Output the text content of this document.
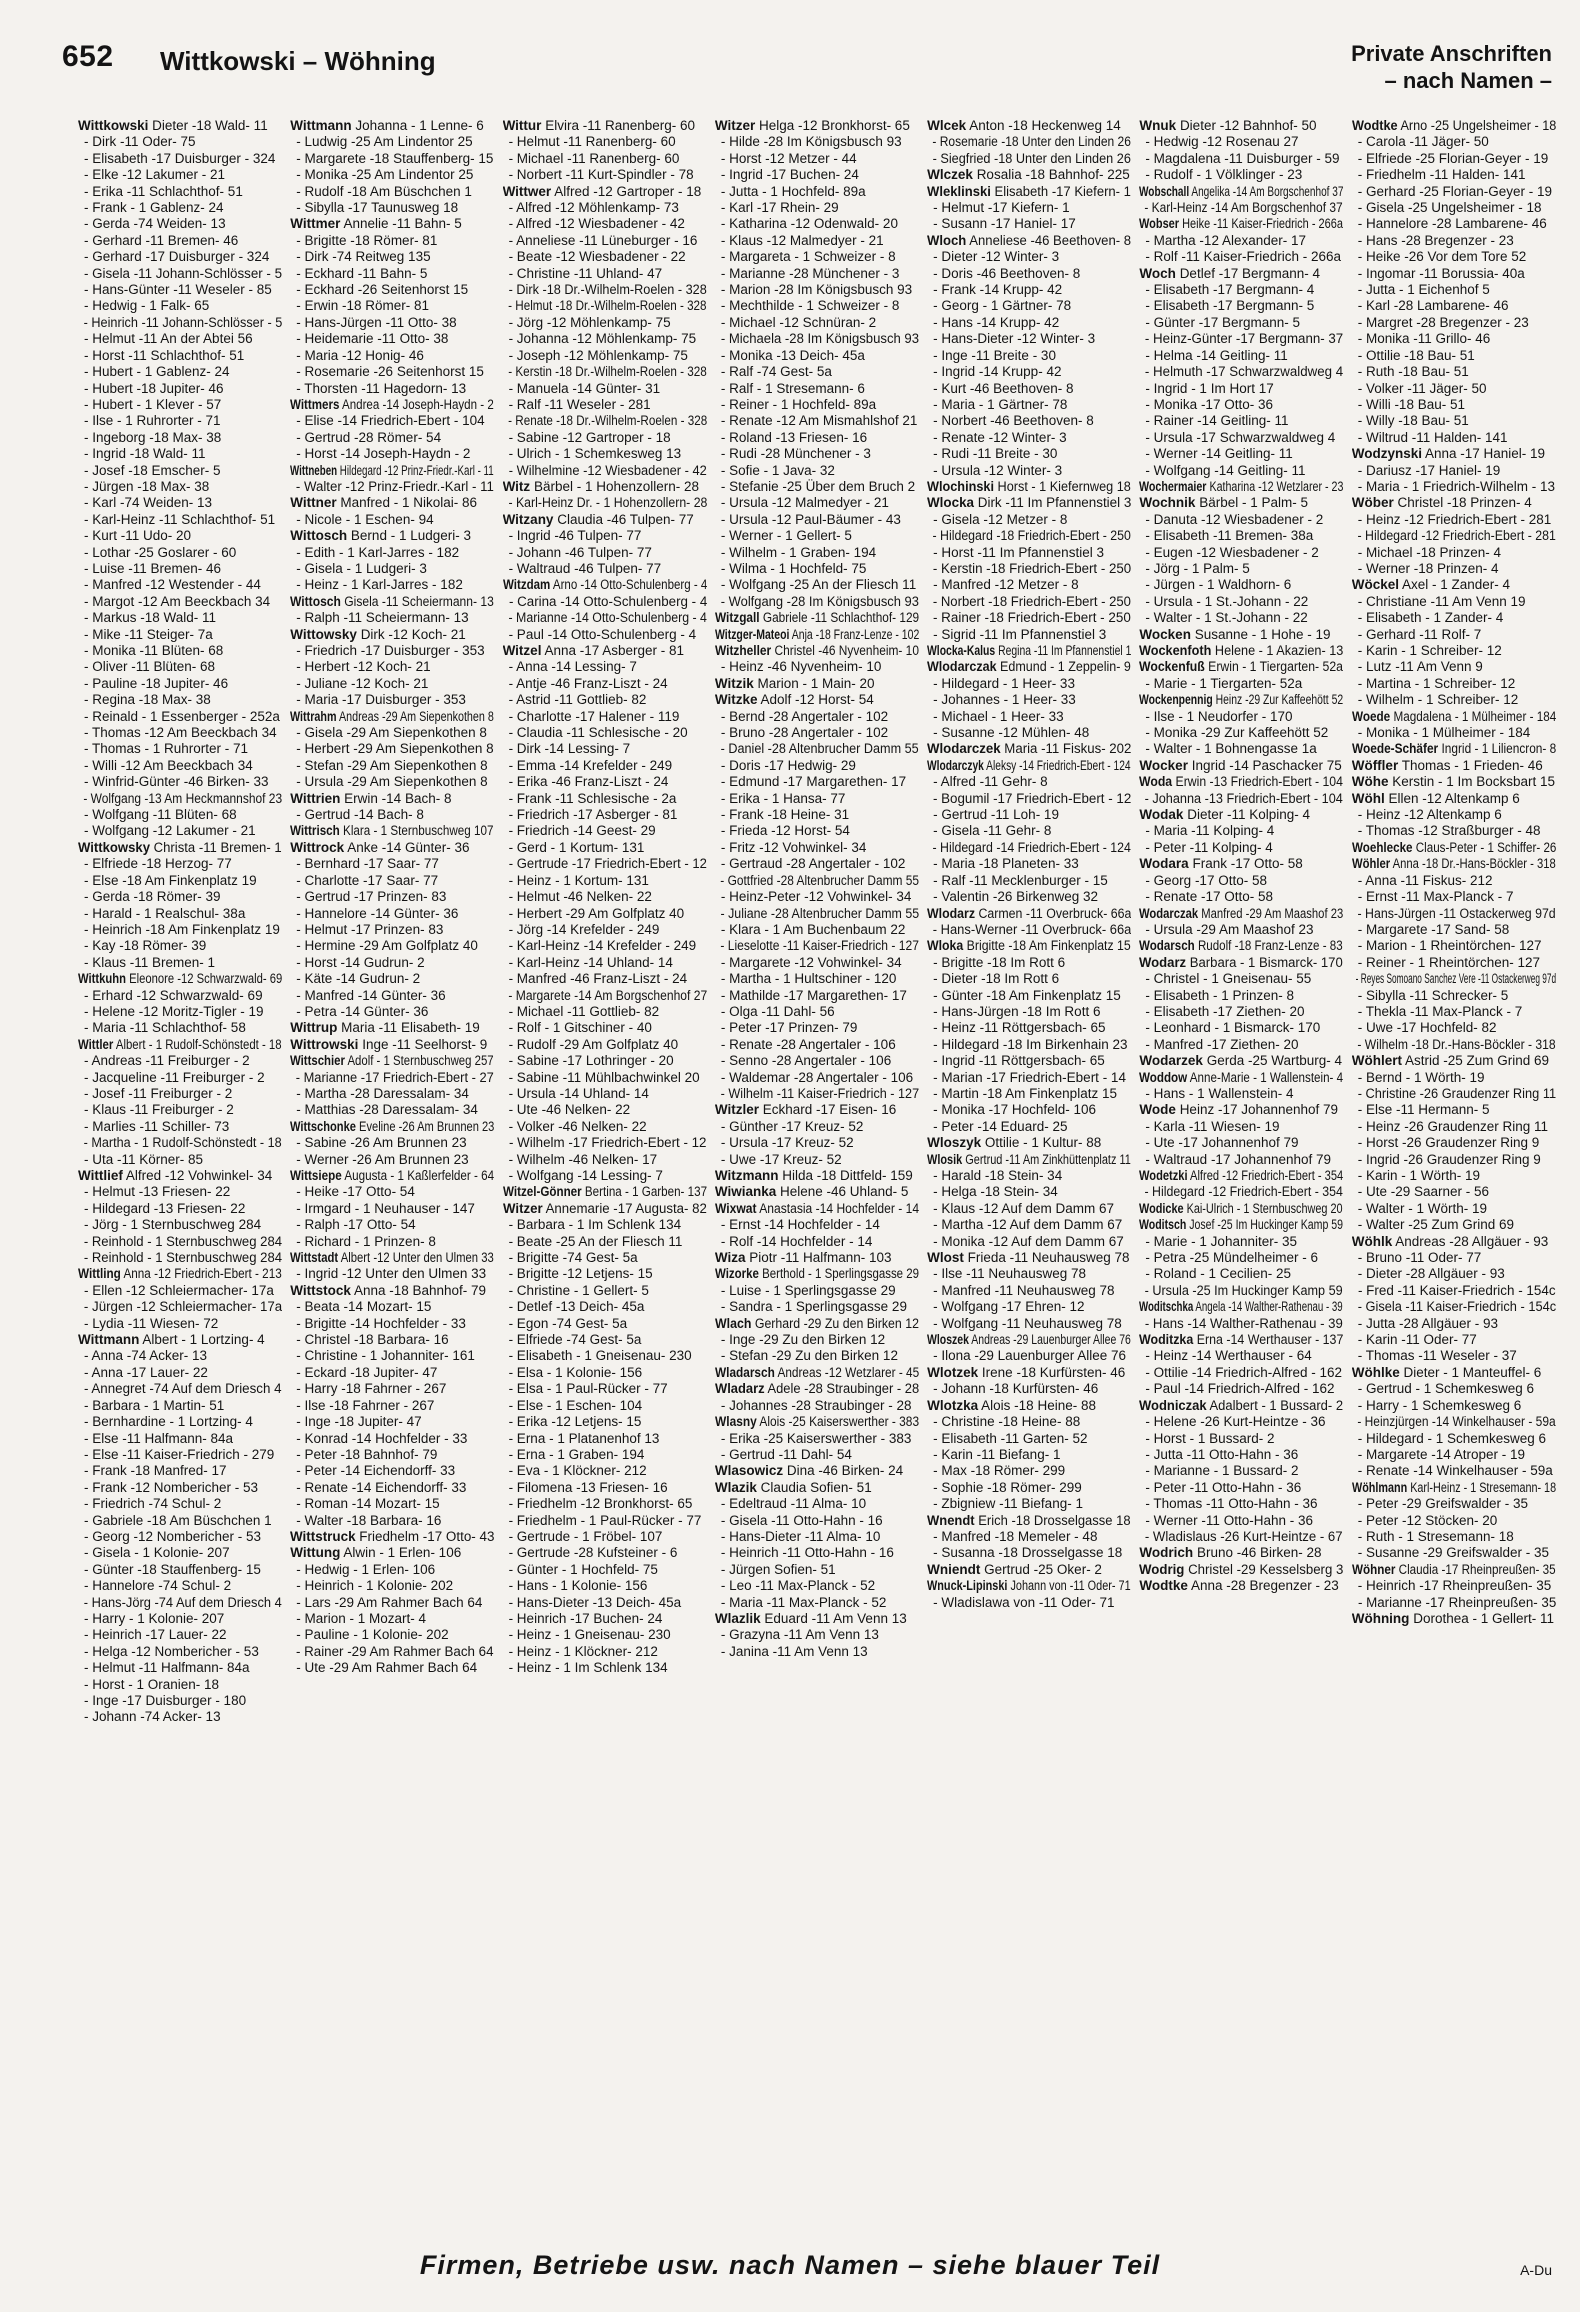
652 Wittkowski – Wöhning	Private Anschriften
– nach Namen –
Wittkowski Dieter -18 Wald- 11
- Dirk -11 Oder- 75
- Elisabeth -17 Duisburger - 324
- Elke -12 Lakumer - 21
- Erika -11 Schlachthof- 51
- Frank - 1 Gablenz- 24
- Gerda -74 Weiden- 13
- Gerhard -11 Bremen- 46
- Gerhard -17 Duisburger - 324
- Gisela -11 Johann-Schlösser - 5
- Hans-Günter -11 Weseler - 85
- Hedwig - 1 Falk- 65
- Heinrich -11 Johann-Schlösser - 5
- Helmut -11 An der Abtei 56
- Horst -11 Schlachthof- 51
- Hubert - 1 Gablenz- 24
- Hubert -18 Jupiter- 46
- Hubert - 1 Klever - 57
- Ilse - 1 Ruhrorter - 71
- Ingeborg -18 Max- 38
- Ingrid -18 Wald- 11
- Josef -18 Emscher- 5
- Jürgen -18 Max- 38
- Karl -74 Weiden- 13
- Karl-Heinz -11 Schlachthof- 51
- Kurt -11 Udo- 20
- Lothar -25 Goslarer - 60
- Luise -11 Bremen- 46
- Manfred -12 Westender - 44
- Margot -12 Am Beeckbach 34
- Markus -18 Wald- 11
- Mike -11 Steiger- 7a
- Monika -11 Blüten- 68
- Oliver -11 Blüten- 68
- Pauline -18 Jupiter- 46
- Regina -18 Max- 38
- Reinald - 1 Essenberger - 252a
- Thomas -12 Am Beeckbach 34
- Thomas - 1 Ruhrorter - 71
- Willi -12 Am Beeckbach 34
- Winfrid-Günter -46 Birken- 33
- Wolfgang -13 Am Heckmannshof 23
- Wolfgang -11 Blüten- 68
- Wolfgang -12 Lakumer - 21
Wittkowsky Christa -11 Bremen- 1
- Elfriede -18 Herzog- 77
- Else -18 Am Finkenplatz 19
- Gerda -18 Römer- 39
- Harald - 1 Realschul- 38a
- Heinrich -18 Am Finkenplatz 19
- Kay -18 Römer- 39
- Klaus -11 Bremen- 1
Wittkuhn Eleonore -12 Schwarzwald- 69
- Erhard -12 Schwarzwald- 69
- Helene -12 Moritz-Tigler - 19
- Maria -11 Schlachthof- 58
Wittler Albert - 1 Rudolf-Schönstedt - 18
- Andreas -11 Freiburger - 2
- Jacqueline -11 Freiburger - 2
- Josef -11 Freiburger - 2
- Klaus -11 Freiburger - 2
- Marlies -11 Schiller- 73
- Martha - 1 Rudolf-Schönstedt - 18
- Uta -11 Körner- 85
Wittlief Alfred -12 Vohwinkel- 34
- Helmut -13 Friesen- 22
- Hildegard -13 Friesen- 22
- Jörg - 1 Sternbuschweg 284
- Reinhold - 1 Sternbuschweg 284
- Reinhold - 1 Sternbuschweg 284
Wittling Anna -12 Friedrich-Ebert - 213
- Ellen -12 Schleiermacher- 17a
- Jürgen -12 Schleiermacher- 17a
- Lydia -11 Wiesen- 72
Wittmann Albert - 1 Lortzing- 4
- Anna -74 Acker- 13
- Anna -17 Lauer- 22
- Annegret -74 Auf dem Driesch 4
- Barbara - 1 Martin- 51
- Bernhardine - 1 Lortzing- 4
- Else -11 Halfmann- 84a
- Else -11 Kaiser-Friedrich - 279
- Frank -18 Manfred- 17
- Frank -12 Nombericher - 53
- Friedrich -74 Schul- 2
- Gabriele -18 Am Büschchen 1
- Georg -12 Nombericher - 53
- Gisela - 1 Kolonie- 207
- Günter -18 Stauffenberg- 15
- Hannelore -74 Schul- 2
- Hans-Jörg -74 Auf dem Driesch 4
- Harry - 1 Kolonie- 207
- Heinrich -17 Lauer- 22
- Helga -12 Nombericher - 53
- Helmut -11 Halfmann- 84a
- Horst - 1 Oranien- 18
- Inge -17 Duisburger - 180
- Johann -74 Acker- 13
Wittmann Johanna - 1 Lenne- 6
- Ludwig -25 Am Lindentor 25
- Margarete -18 Stauffenberg- 15
- Monika -25 Am Lindentor 25
- Rudolf -18 Am Büschchen 1
- Sibylla -17 Taunusweg 18
Wittmer Annelie -11 Bahn- 5
- Brigitte -18 Römer- 81
- Dirk -74 Reitweg 135
- Eckhard -11 Bahn- 5
- Eckhard -26 Seitenhorst 15
- Erwin -18 Römer- 81
- Hans-Jürgen -11 Otto- 38
- Heidemarie -11 Otto- 38
- Maria -12 Honig- 46
- Rosemarie -26 Seitenhorst 15
- Thorsten -11 Hagedorn- 13
Wittmers Andrea -14 Joseph-Haydn - 2
- Elise -14 Friedrich-Ebert - 104
- Gertrud -28 Römer- 54
- Horst -14 Joseph-Haydn - 2
Wittneben Hildegard -12 Prinz-Friedr.-Karl - 11
- Walter -12 Prinz-Friedr.-Karl - 11
Wittner Manfred - 1 Nikolai- 86
- Nicole - 1 Eschen- 94
Wittosch Bernd - 1 Ludgeri- 3
- Edith - 1 Karl-Jarres - 182
- Gisela - 1 Ludgeri- 3
- Heinz - 1 Karl-Jarres - 182
Wittosch Gisela -11 Scheiermann- 13
- Ralph -11 Scheiermann- 13
Wittowsky Dirk -12 Koch- 21
- Friedrich -17 Duisburger - 353
- Herbert -12 Koch- 21
- Juliane -12 Koch- 21
- Maria -17 Duisburger - 353
Wittrahm Andreas -29 Am Siepenkothen 8
- Gisela -29 Am Siepenkothen 8
- Herbert -29 Am Siepenkothen 8
- Stefan -29 Am Siepenkothen 8
- Ursula -29 Am Siepenkothen 8
Wittrien Erwin -14 Bach- 8
- Gertrud -14 Bach- 8
Wittrisch Klara - 1 Sternbuschweg 107
Wittrock Anke -14 Günter- 36
- Bernhard -17 Saar- 77
- Charlotte -17 Saar- 77
- Gertrud -17 Prinzen- 83
- Hannelore -14 Günter- 36
- Helmut -17 Prinzen- 83
- Hermine -29 Am Golfplatz 40
- Horst -14 Gudrun- 2
- Käte -14 Gudrun- 2
- Manfred -14 Günter- 36
- Petra -14 Günter- 36
Wittrup Maria -11 Elisabeth- 19
Wittrowski Inge -11 Seelhorst- 9
Wittschier Adolf - 1 Sternbuschweg 257
- Marianne -17 Friedrich-Ebert - 27
- Martha -28 Daressalam- 34
- Matthias -28 Daressalam- 34
Wittschonke Eveline -26 Am Brunnen 23
- Sabine -26 Am Brunnen 23
- Werner -26 Am Brunnen 23
Wittsiepe Augusta - 1 Kaßlerfelder - 64
- Heike -17 Otto- 54
- Irmgard - 1 Neuhauser - 147
- Ralph -17 Otto- 54
- Richard - 1 Prinzen- 8
Wittstadt Albert -12 Unter den Ulmen 33
- Ingrid -12 Unter den Ulmen 33
Wittstock Anna -18 Bahnhof- 79
- Beata -14 Mozart- 15
- Brigitte -14 Hochfelder - 33
- Christel -18 Barbara- 16
- Christine - 1 Johanniter- 161
- Eckard -18 Jupiter- 47
- Harry -18 Fahrner - 267
- Ilse -18 Fahrner - 267
- Inge -18 Jupiter- 47
- Konrad -14 Hochfelder - 33
- Peter -18 Bahnhof- 79
- Peter -14 Eichendorff- 33
- Renate -14 Eichendorff- 33
- Roman -14 Mozart- 15
- Walter -18 Barbara- 16
Wittstruck Friedhelm -17 Otto- 43
Wittung Alwin - 1 Erlen- 106
- Hedwig - 1 Erlen- 106
- Heinrich - 1 Kolonie- 202
- Lars -29 Am Rahmer Bach 64
- Marion - 1 Mozart- 4
- Pauline - 1 Kolonie- 202
- Rainer -29 Am Rahmer Bach 64
- Ute -29 Am Rahmer Bach 64
Wittur Elvira -11 Ranenberg- 60
- Helmut -11 Ranenberg- 60
- Michael -11 Ranenberg- 60
- Norbert -11 Kurt-Spindler - 78
Wittwer Alfred -12 Gartroper - 18
- Alfred -12 Möhlenkamp- 73
- Alfred -12 Wiesbadener - 42
- Anneliese -11 Lüneburger - 16
- Beate -12 Wiesbadener - 22
- Christine -11 Uhland- 47
- Dirk -18 Dr.-Wilhelm-Roelen - 328
- Helmut -18 Dr.-Wilhelm-Roelen - 328
- Jörg -12 Möhlenkamp- 75
- Johanna -12 Möhlenkamp- 75
- Joseph -12 Möhlenkamp- 75
- Kerstin -18 Dr.-Wilhelm-Roelen - 328
- Manuela -14 Günter- 31
- Ralf -11 Weseler - 281
- Renate -18 Dr.-Wilhelm-Roelen - 328
- Sabine -12 Gartroper - 18
- Ulrich - 1 Schemkesweg 13
- Wilhelmine -12 Wiesbadener - 42
Witz Bärbel - 1 Hohenzollern- 28
- Karl-Heinz Dr. - 1 Hohenzollern- 28
Witzany Claudia -46 Tulpen- 77
- Ingrid -46 Tulpen- 77
- Johann -46 Tulpen- 77
- Waltraud -46 Tulpen- 77
Witzdam Arno -14 Otto-Schulenberg - 4
- Carina -14 Otto-Schulenberg - 4
- Marianne -14 Otto-Schulenberg - 4
- Paul -14 Otto-Schulenberg - 4
Witzel Anna -17 Asberger - 81
- Anna -14 Lessing- 7
- Antje -46 Franz-Liszt - 24
- Astrid -11 Gottlieb- 82
- Charlotte -17 Halener - 119
- Claudia -11 Schlesische - 20
- Dirk -14 Lessing- 7
- Emma -14 Krefelder - 249
- Erika -46 Franz-Liszt - 24
- Frank -11 Schlesische - 2a
- Friedrich -17 Asberger - 81
- Friedrich -14 Geest- 29
- Gerd - 1 Kortum- 131
- Gertrude -17 Friedrich-Ebert - 12
- Heinz - 1 Kortum- 131
- Helmut -46 Nelken- 22
- Herbert -29 Am Golfplatz 40
- Jörg -14 Krefelder - 249
- Karl-Heinz -14 Krefelder - 249
- Karl-Heinz -14 Uhland- 14
- Manfred -46 Franz-Liszt - 24
- Margarete -14 Am Borgschenhof 27
- Michael -11 Gottlieb- 82
- Rolf - 1 Gitschiner - 40
- Rudolf -29 Am Golfplatz 40
- Sabine -17 Lothringer - 20
- Sabine -11 Mühlbachwinkel 20
- Ursula -14 Uhland- 14
- Ute -46 Nelken- 22
- Volker -46 Nelken- 22
- Wilhelm -17 Friedrich-Ebert - 12
- Wilhelm -46 Nelken- 17
- Wolfgang -14 Lessing- 7
Witzel-Gönner Bertina - 1 Garben- 137
Witzer Annemarie -17 Augusta- 82
- Barbara - 1 Im Schlenk 134
- Beate -25 An der Fliesch 11
- Brigitte -74 Gest- 5a
- Brigitte -12 Letjens- 15
- Christine - 1 Gellert- 5
- Detlef -13 Deich- 45a
- Egon -74 Gest- 5a
- Elfriede -74 Gest- 5a
- Elisabeth - 1 Gneisenau- 230
- Elsa - 1 Kolonie- 156
- Elsa - 1 Paul-Rücker - 77
- Else - 1 Eschen- 104
- Erika -12 Letjens- 15
- Erna - 1 Platanenhof 13
- Erna - 1 Graben- 194
- Eva - 1 Klöckner- 212
- Filomena -13 Friesen- 16
- Friedhelm -12 Bronkhorst- 65
- Friedhelm - 1 Paul-Rücker - 77
- Gertrude - 1 Fröbel- 107
- Gertrude -28 Kufsteiner - 6
- Günter - 1 Hochfeld- 75
- Hans - 1 Kolonie- 156
- Hans-Dieter -13 Deich- 45a
- Heinrich -17 Buchen- 24
- Heinz - 1 Gneisenau- 230
- Heinz - 1 Klöckner- 212
- Heinz - 1 Im Schlenk 134
Witzer Helga -12 Bronkhorst- 65
- Hilde -28 Im Königsbusch 93
- Horst -12 Metzer - 44
- Ingrid -17 Buchen- 24
- Jutta - 1 Hochfeld- 89a
- Karl -17 Rhein- 29
- Katharina -12 Odenwald- 20
- Klaus -12 Malmedyer - 21
- Margareta - 1 Schweizer - 8
- Marianne -28 Münchener - 3
- Marion -28 Im Königsbusch 93
- Mechthilde - 1 Schweizer - 8
- Michael -12 Schnüran- 2
- Michaela -28 Im Königsbusch 93
- Monika -13 Deich- 45a
- Ralf -74 Gest- 5a
- Ralf - 1 Stresemann- 6
- Reiner - 1 Hochfeld- 89a
- Renate -12 Am Mismahlshof 21
- Roland -13 Friesen- 16
- Rudi -28 Münchener - 3
- Sofie - 1 Java- 32
- Stefanie -25 Über dem Bruch 2
- Ursula -12 Malmedyer - 21
- Ursula -12 Paul-Bäumer - 43
- Werner - 1 Gellert- 5
- Wilhelm - 1 Graben- 194
- Wilma - 1 Hochfeld- 75
- Wolfgang -25 An der Fliesch 11
- Wolfgang -28 Im Königsbusch 93
Witzgall Gabriele -11 Schlachthof- 129
Witzger-Mateoi Anja -18 Franz-Lenze - 102
Witzheller Christel -46 Nyvenheim- 10
- Heinz -46 Nyvenheim- 10
Witzik Marion - 1 Main- 20
Witzke Adolf -12 Horst- 54
- Bernd -28 Angertaler - 102
- Bruno -28 Angertaler - 102
- Daniel -28 Altenbrucher Damm 55
- Doris -17 Hedwig- 29
- Edmund -17 Margarethen- 17
- Erika - 1 Hansa- 77
- Frank -18 Heine- 31
- Frieda -12 Horst- 54
- Fritz -12 Vohwinkel- 34
- Gertraud -28 Angertaler - 102
- Gottfried -28 Altenbrucher Damm 55
- Heinz-Peter -12 Vohwinkel- 34
- Juliane -28 Altenbrucher Damm 55
- Klara - 1 Am Buchenbaum 22
- Lieselotte -11 Kaiser-Friedrich - 127
- Margarete -12 Vohwinkel- 34
- Martha - 1 Hultschiner - 120
- Mathilde -17 Margarethen- 17
- Olga -11 Dahl- 56
- Peter -17 Prinzen- 79
- Renate -28 Angertaler - 106
- Senno -28 Angertaler - 106
- Waldemar -28 Angertaler - 106
- Wilhelm -11 Kaiser-Friedrich - 127
Witzler Eckhard -17 Eisen- 16
- Günther -17 Kreuz- 52
- Ursula -17 Kreuz- 52
- Uwe -17 Kreuz- 52
Witzmann Hilda -18 Dittfeld- 159
Wiwianka Helene -46 Uhland- 5
Wixwat Anastasia -14 Hochfelder - 14
- Ernst -14 Hochfelder - 14
- Rolf -14 Hochfelder - 14
Wiza Piotr -11 Halfmann- 103
Wizorke Berthold - 1 Sperlingsgasse 29
- Luise - 1 Sperlingsgasse 29
- Sandra - 1 Sperlingsgasse 29
Wlach Gerhard -29 Zu den Birken 12
- Inge -29 Zu den Birken 12
- Stefan -29 Zu den Birken 12
Wladarsch Andreas -12 Wetzlarer - 45
Wladarz Adele -28 Straubinger - 28
- Johannes -28 Straubinger - 28
Wlasny Alois -25 Kaiserswerther - 383
- Erika -25 Kaiserswerther - 383
- Gertrud -11 Dahl- 54
Wlasowicz Dina -46 Birken- 24
Wlazik Claudia Sofien- 51
- Edeltraud -11 Alma- 10
- Gisela -11 Otto-Hahn - 16
- Hans-Dieter -11 Alma- 10
- Heinrich -11 Otto-Hahn - 16
- Jürgen Sofien- 51
- Leo -11 Max-Planck - 52
- Maria -11 Max-Planck - 52
Wlazlik Eduard -11 Am Venn 13
- Grazyna -11 Am Venn 13
- Janina -11 Am Venn 13
Wlcek Anton -18 Heckenweg 14
- Rosemarie -18 Unter den Linden 26
- Siegfried -18 Unter den Linden 26
Wlczek Rosalia -18 Bahnhof- 225
Wleklinski Elisabeth -17 Kiefern- 1
- Helmut -17 Kiefern- 1
- Susann -17 Haniel- 17
Wloch Anneliese -46 Beethoven- 8
- Dieter -12 Winter- 3
- Doris -46 Beethoven- 8
- Frank -14 Krupp- 42
- Georg - 1 Gärtner- 78
- Hans -14 Krupp- 42
- Hans-Dieter -12 Winter- 3
- Inge -11 Breite - 30
- Ingrid -14 Krupp- 42
- Kurt -46 Beethoven- 8
- Maria - 1 Gärtner- 78
- Norbert -46 Beethoven- 8
- Renate -12 Winter- 3
- Rudi -11 Breite - 30
- Ursula -12 Winter- 3
Wlochinski Horst - 1 Kiefernweg 18
Wlocka Dirk -11 Im Pfannenstiel 3
- Gisela -12 Metzer - 8
- Hildegard -18 Friedrich-Ebert - 250
- Horst -11 Im Pfannenstiel 3
- Kerstin -18 Friedrich-Ebert - 250
- Manfred -12 Metzer - 8
- Norbert -18 Friedrich-Ebert - 250
- Rainer -18 Friedrich-Ebert - 250
- Sigrid -11 Im Pfannenstiel 3
Wlocka-Kalus Regina -11 Im Pfannenstiel 1
Wlodarczak Edmund - 1 Zeppelin- 9
- Hildegard - 1 Heer- 33
- Johannes - 1 Heer- 33
- Michael - 1 Heer- 33
- Susanne -12 Mühlen- 48
Wlodarczek Maria -11 Fiskus- 202
Wlodarczyk Aleksy -14 Friedrich-Ebert - 124
- Alfred -11 Gehr- 8
- Bogumil -17 Friedrich-Ebert - 12
- Gertrud -11 Loh- 19
- Gisela -11 Gehr- 8
- Hildegard -14 Friedrich-Ebert - 124
- Maria -18 Planeten- 33
- Ralf -11 Mecklenburger - 15
- Valentin -26 Birkenweg 32
Wlodarz Carmen -11 Overbruck- 66a
- Hans-Werner -11 Overbruck- 66a
Wloka Brigitte -18 Am Finkenplatz 15
- Brigitte -18 Im Rott 6
- Dieter -18 Im Rott 6
- Günter -18 Am Finkenplatz 15
- Hans-Jürgen -18 Im Rott 6
- Heinz -11 Röttgersbach- 65
- Hildegard -18 Im Birkenhain 23
- Ingrid -11 Röttgersbach- 65
- Marian -17 Friedrich-Ebert - 14
- Martin -18 Am Finkenplatz 15
- Monika -17 Hochfeld- 106
- Peter -14 Eduard- 25
Wloszyk Ottilie - 1 Kultur- 88
Wlosik Gertrud -11 Am Zinkhüttenplatz 11
- Harald -18 Stein- 34
- Helga -18 Stein- 34
- Klaus -12 Auf dem Damm 67
- Martha -12 Auf dem Damm 67
- Monika -12 Auf dem Damm 67
Wlost Frieda -11 Neuhausweg 78
- Ilse -11 Neuhausweg 78
- Manfred -11 Neuhausweg 78
- Wolfgang -17 Ehren- 12
- Wolfgang -11 Neuhausweg 78
Wloszek Andreas -29 Lauenburger Allee 76
- Ilona -29 Lauenburger Allee 76
Wlotzek Irene -18 Kurfürsten- 46
- Johann -18 Kurfürsten- 46
Wlotzka Alois -18 Heine- 88
- Christine -18 Heine- 88
- Elisabeth -11 Garten- 52
- Karin -11 Biefang- 1
- Max -18 Römer- 299
- Sophie -18 Römer- 299
- Zbigniew -11 Biefang- 1
Wnendt Erich -18 Drosselgasse 18
- Manfred -18 Memeler - 48
- Susanna -18 Drosselgasse 18
Wniendt Gertrud -25 Oker- 2
Wnuck-Lipinski Johann von -11 Oder- 71
- Wladislawa von -11 Oder- 71
Wnuk Dieter -12 Bahnhof- 50
- Hedwig -12 Rosenau 27
- Magdalena -11 Duisburger - 59
- Rudolf - 1 Völklinger - 23
Wobschall Angelika -14 Am Borgschenhof 37
- Karl-Heinz -14 Am Borgschenhof 37
Wobser Heike -11 Kaiser-Friedrich - 266a
- Martha -12 Alexander- 17
- Rolf -11 Kaiser-Friedrich - 266a
Woch Detlef -17 Bergmann- 4
- Elisabeth -17 Bergmann- 4
- Elisabeth -17 Bergmann- 5
- Günter -17 Bergmann- 5
- Heinz-Günter -17 Bergmann- 37
- Helma -14 Geitling- 11
- Helmuth -17 Schwarzwaldweg 4
- Ingrid - 1 Im Hort 17
- Monika -17 Otto- 36
- Rainer -14 Geitling- 11
- Ursula -17 Schwarzwaldweg 4
- Werner -14 Geitling- 11
- Wolfgang -14 Geitling- 11
Wochermaier Katharina -12 Wetzlarer - 23
Wochnik Bärbel - 1 Palm- 5
- Danuta -12 Wiesbadener - 2
- Elisabeth -11 Bremen- 38a
- Eugen -12 Wiesbadener - 2
- Jörg - 1 Palm- 5
- Jürgen - 1 Waldhorn- 6
- Ursula - 1 St.-Johann - 22
- Walter - 1 St.-Johann - 22
Wocken Susanne - 1 Hohe - 19
Wockenfoth Helene - 1 Akazien- 13
Wockenfuß Erwin - 1 Tiergarten- 52a
- Marie - 1 Tiergarten- 52a
Wockenpennig Heinz -29 Zur Kaffeehött 52
- Ilse - 1 Neudorfer - 170
- Monika -29 Zur Kaffeehött 52
- Walter - 1 Bohnengasse 1a
Wocker Ingrid -14 Paschacker 75
Woda Erwin -13 Friedrich-Ebert - 104
- Johanna -13 Friedrich-Ebert - 104
Wodak Dieter -11 Kolping- 4
- Maria -11 Kolping- 4
- Peter -11 Kolping- 4
Wodara Frank -17 Otto- 58
- Georg -17 Otto- 58
- Renate -17 Otto- 58
Wodarczak Manfred -29 Am Maashof 23
- Ursula -29 Am Maashof 23
Wodarsch Rudolf -18 Franz-Lenze - 83
Wodarz Barbara - 1 Bismarck- 170
- Christel - 1 Gneisenau- 55
- Elisabeth - 1 Prinzen- 8
- Elisabeth -17 Ziethen- 20
- Leonhard - 1 Bismarck- 170
- Manfred -17 Ziethen- 20
Wodarzek Gerda -25 Wartburg- 4
Woddow Anne-Marie - 1 Wallenstein- 4
- Hans - 1 Wallenstein- 4
Wode Heinz -17 Johannenhof 79
- Karla -11 Wiesen- 19
- Ute -17 Johannenhof 79
- Waltraud -17 Johannenhof 79
Wodetzki Alfred -12 Friedrich-Ebert - 354
- Hildegard -12 Friedrich-Ebert - 354
Wodicke Kai-Ulrich - 1 Sternbuschweg 20
Woditsch Josef -25 Im Huckinger Kamp 59
- Marie - 1 Johanniter- 35
- Petra -25 Mündelheimer - 6
- Roland - 1 Cecilien- 25
- Ursula -25 Im Huckinger Kamp 59
Woditschka Angela -14 Walther-Rathenau - 39
- Hans -14 Walther-Rathenau - 39
Woditzka Erna -14 Werthauser - 137
- Heinz -14 Werthauser - 64
- Ottilie -14 Friedrich-Alfred - 162
- Paul -14 Friedrich-Alfred - 162
Wodniczak Adalbert - 1 Bussard- 2
- Helene -26 Kurt-Heintze - 36
- Horst - 1 Bussard- 2
- Jutta -11 Otto-Hahn - 36
- Marianne - 1 Bussard- 2
- Peter -11 Otto-Hahn - 36
- Thomas -11 Otto-Hahn - 36
- Werner -11 Otto-Hahn - 36
- Wladislaus -26 Kurt-Heintze - 67
Wodrich Bruno -46 Birken- 28
Wodrig Christel -29 Kesselsberg 3
Wodtke Anna -28 Bregenzer - 23
Wodtke Arno -25 Ungelsheimer - 18
- Carola -11 Jäger- 50
- Elfriede -25 Florian-Geyer - 19
- Friedhelm -11 Halden- 141
- Gerhard -25 Florian-Geyer - 19
- Gisela -25 Ungelsheimer - 18
- Hannelore -28 Lambarene- 46
- Hans -28 Bregenzer - 23
- Heike -26 Vor dem Tore 52
- Ingomar -11 Borussia- 40a
- Jutta - 1 Eichenhof 5
- Karl -28 Lambarene- 46
- Margret -28 Bregenzer - 23
- Monika -11 Grillo- 46
- Ottilie -18 Bau- 51
- Ruth -18 Bau- 51
- Volker -11 Jäger- 50
- Willi -18 Bau- 51
- Willy -18 Bau- 51
- Wiltrud -11 Halden- 141
Wodzynski Anna -17 Haniel- 19
- Dariusz -17 Haniel- 19
- Maria - 1 Friedrich-Wilhelm - 13
Wöber Christel -18 Prinzen- 4
- Heinz -12 Friedrich-Ebert - 281
- Hildegard -12 Friedrich-Ebert - 281
- Michael -18 Prinzen- 4
- Werner -18 Prinzen- 4
Wöckel Axel - 1 Zander- 4
- Christiane -11 Am Venn 19
- Elisabeth - 1 Zander- 4
- Gerhard -11 Rolf- 7
- Karin - 1 Schreiber- 12
- Lutz -11 Am Venn 9
- Martina - 1 Schreiber- 12
- Wilhelm - 1 Schreiber- 12
Woede Magdalena - 1 Mülheimer - 184
- Monika - 1 Mülheimer - 184
Woede-Schäfer Ingrid - 1 Liliencron- 8
Wöffler Thomas - 1 Frieden- 46
Wöhe Kerstin - 1 Im Bocksbart 15
Wöhl Ellen -12 Altenkamp 6
- Heinz -12 Altenkamp 6
- Thomas -12 Straßburger - 48
Woehlecke Claus-Peter - 1 Schiffer- 26
Wöhler Anna -18 Dr.-Hans-Böckler - 318
- Anna -11 Fiskus- 212
- Ernst -11 Max-Planck - 7
- Hans-Jürgen -11 Ostackerweg 97d
- Margarete -17 Sand- 58
- Marion - 1 Rheintörchen- 127
- Reiner - 1 Rheintörchen- 127
- Reyes Somoano Sanchez Vere -11 Ostackerweg 97d
- Sibylla -11 Schrecker- 5
- Thekla -11 Max-Planck - 7
- Uwe -17 Hochfeld- 82
- Wilhelm -18 Dr.-Hans-Böckler - 318
Wöhlert Astrid -25 Zum Grind 69
- Bernd - 1 Wörth- 19
- Christine -26 Graudenzer Ring 11
- Else -11 Hermann- 5
- Heinz -26 Graudenzer Ring 11
- Horst -26 Graudenzer Ring 9
- Ingrid -26 Graudenzer Ring 9
- Karin - 1 Wörth- 19
- Ute -29 Saarner - 56
- Walter - 1 Wörth- 19
- Walter -25 Zum Grind 69
Wöhlk Andreas -28 Allgäuer - 93
- Bruno -11 Oder- 77
- Dieter -28 Allgäuer - 93
- Fred -11 Kaiser-Friedrich - 154c
- Gisela -11 Kaiser-Friedrich - 154c
- Jutta -28 Allgäuer - 93
- Karin -11 Oder- 77
- Thomas -11 Weseler - 37
Wöhlke Dieter - 1 Manteuffel- 6
- Gertrud - 1 Schemkesweg 6
- Harry - 1 Schemkesweg 6
- Heinzjürgen -14 Winkelhauser - 59a
- Hildegard - 1 Schemkesweg 6
- Margarete -14 Atroper - 19
- Renate -14 Winkelhauser - 59a
Wöhlmann Karl-Heinz - 1 Stresemann- 18
- Peter -29 Greifswalder - 35
- Peter -12 Stöcken- 20
- Ruth - 1 Stresemann- 18
- Susanne -29 Greifswalder - 35
Wöhner Claudia -17 Rheinpreußen- 35
- Heinrich -17 Rheinpreußen- 35
- Marianne -17 Rheinpreußen- 35
Wöhning Dorothea - 1 Gellert- 11
Firmen, Betriebe usw. nach Namen – siehe blauer Teil	A-Du
